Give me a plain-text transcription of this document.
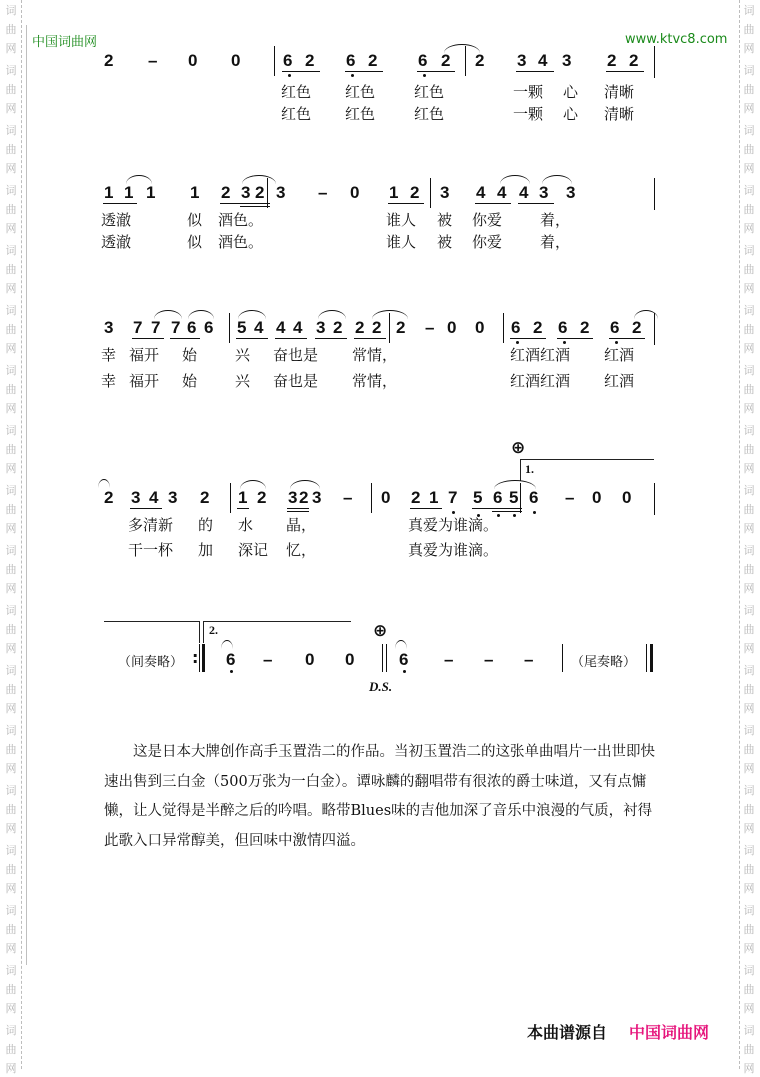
词
曲
网
词
曲
网
词
曲
网
词
曲
网
词
曲
网
词
曲
网
词
曲
网
词
曲
网
词
曲
网
词
曲
网
词
曲
网
词
曲
网
词
曲
网
词
曲
网
词
曲
网
词
曲
网
词
曲
网
词
曲
网
词
曲
网
词
曲
网
词
曲
网
词
曲
网
词
曲
网
词
曲
网
词
曲
网
词
曲
网
词
曲
网
词
曲
网
词
曲
网
词
曲
网
词
曲
网
词
曲
网
词
曲
网
词
曲
网
词
曲
网
词
曲
网
中国词曲网	www.ktvc8.com
2 – 0 0	6 2 6 2 6 2 2 3 4 3 2 2
红色 红色	红色	一颗 心 清晰
红色 红色	红色	一颗 心 清晰
1 1 1 1 2 3 2 3 – 0 1 2 3 4 4 4 3 3
透澈	似 酒色。	谁人 被 你爱	着，
透澈	似 酒色。	谁人 被 你爱	着，
3 7 7 7 6 6 5 4 4 4 3 2 2 2 2 – 0 0 6 2 6 2 6 2
幸 福开 始	兴 奋也是 常情，	红酒红酒 红酒
幸 福开 始	兴 奋也是 常情，	红酒红酒 红酒
⊕
1.
2 3 4 3 2 1 2 3 2 3 – 0 2 1 7 5 6 5 6 – 0 0
多清新 的 水 晶，	真爱为谁滴。
干一杯 加 深记 忆，	真爱为谁滴。
2.	⊕
（间奏略） : 6 – 0 0	6 – – –	（尾奏略）
D.S.

这是日本大牌创作高手玉置浩二的作品。当初玉置浩二的这张单曲唱片一出世即快速出售到三白金（500万张为一白金）。谭咏麟的翻唱带有很浓的爵士味道，又有点慵懒，让人觉得是半醉之后的吟唱。略带Blues味的吉他加深了音乐中浪漫的气质，衬得此歌入口异常醇美，但回味中激情四溢。

本曲谱源自 中国词曲网
